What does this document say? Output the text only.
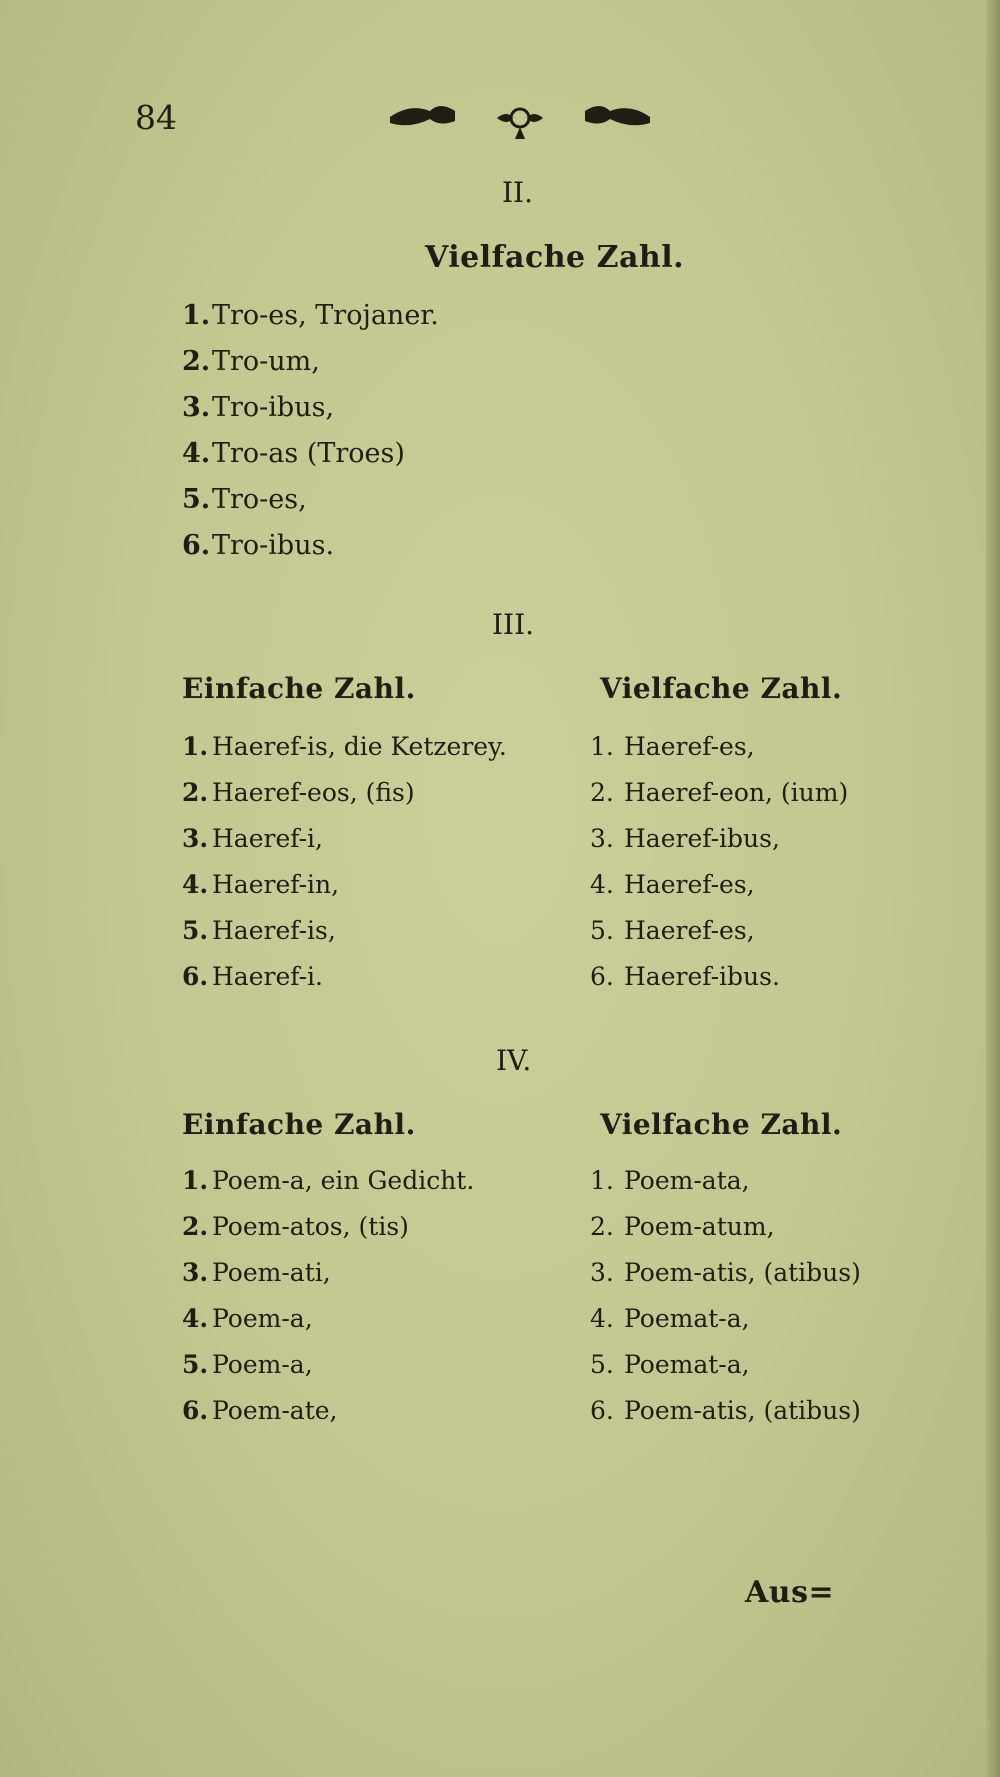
84
II.
Vielfache Zahl.
1.Tro-es, Trojaner.
2.Tro-um,
3.Tro-ibus,
4.Tro-as (Troes)
5.Tro-es,
6.Tro-ibus.
III.
Einfache Zahl.	Vielfache Zahl.
1. Haeref-is, die Ketzerey.
2. Haeref-eos, (fis)
3. Haeref-i,
4. Haeref-in,
5. Haeref-is,
6. Haeref-i.
1. Haeref-es,
2. Haeref-eon, (ium)
3. Haeref-ibus,
4. Haeref-es,
5. Haeref-es,
6. Haeref-ibus.
IV.
Einfache Zahl.	Vielfache Zahl.
1. Poem-a, ein Gedicht.
2. Poem-atos, (tis)
3. Poem-ati,
4. Poem-a,
5. Poem-a,
6. Poem-ate,
1. Poem-ata,
2. Poem-atum,
3. Poem-atis, (atibus)
4. Poemat-a,
5. Poemat-a,
6. Poem-atis, (atibus)
Aus=
